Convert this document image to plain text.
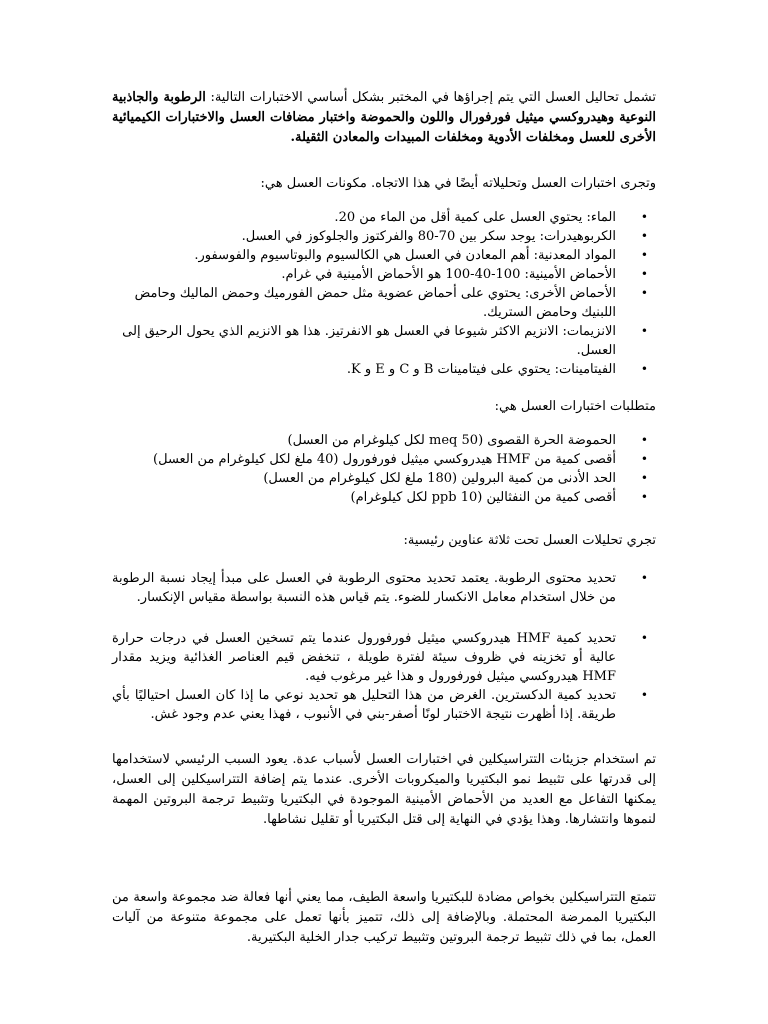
تشمل تحاليل العسل التي يتم إجراؤها في المختبر بشكل أساسي الاختبارات التالية: الرطوبة والجاذبية النوعية وهيدروكسي ميثيل فورفورال واللون والحموضة واختبار مضافات العسل والاختبارات الكيميائية الأخرى للعسل ومخلفات الأدوية ومخلفات المبيدات والمعادن الثقيلة.

وتجرى اختبارات العسل وتحليلاته أيضًا في هذا الاتجاه. مكونات العسل هي:

• الماء: يحتوي العسل على كمية أقل من الماء من 20.
• الكربوهيدرات: يوجد سكر بين 70-80 والفركتوز والجلوكوز في العسل.
• المواد المعدنية: أهم المعادن في العسل هي الكالسيوم والبوتاسيوم والفوسفور.
• الأحماض الأمينية: 100-40-100 هو الأحماض الأمينية في غرام.
• الأحماض الأخرى: يحتوي على أحماض عضوية مثل حمض الفورميك وحمض الماليك وحامض اللبنيك وحامض الستريك.
• الانزيمات: الانزيم الاكثر شيوعا في العسل هو الانفرتيز. هذا هو الانزيم الذي يحول الرحيق إلى العسل.
• الفيتامينات: يحتوي على فيتامينات B و C و E و K.

متطلبات اختبارات العسل هي:

• الحموضة الحرة القصوى (50 meq لكل كيلوغرام من العسل)
• أقصى كمية من HMF هيدروكسي ميثيل فورفورول (40 ملغ لكل كيلوغرام من العسل)
• الحد الأدنى من كمية البرولين (180 ملغ لكل كيلوغرام من العسل)
• أقصى كمية من النفثالين (10 ppb لكل كيلوغرام)

تجري تحليلات العسل تحت ثلاثة عناوين رئيسية:

• تحديد محتوى الرطوبة. يعتمد تحديد محتوى الرطوبة في العسل على مبدأ إيجاد نسبة الرطوبة من خلال استخدام معامل الانكسار للضوء. يتم قياس هذه النسبة بواسطة مقياس الإنكسار.
• تحديد كمية HMF هيدروكسي ميثيل فورفورول عندما يتم تسخين العسل في درجات حرارة عالية أو تخزينه في ظروف سيئة لفترة طويلة ، تنخفض قيم العناصر الغذائية ويزيد مقدار HMF هيدروكسي ميثيل فورفورول و هذا غير مرغوب فيه.
• تحديد كمية الدكسترين. الغرض من هذا التحليل هو تحديد نوعي ما إذا كان العسل احتياليًا بأي طريقة. إذا أظهرت نتيجة الاختبار لونًا أصفر-بني في الأنبوب ، فهذا يعني عدم وجود غش.

تم استخدام جزيئات التتراسيكلين في اختبارات العسل لأسباب عدة. يعود السبب الرئيسي لاستخدامها إلى قدرتها على تثبيط نمو البكتيريا والميكروبات الأخرى. عندما يتم إضافة التتراسيكلين إلى العسل، يمكنها التفاعل مع العديد من الأحماض الأمينية الموجودة في البكتيريا وتثبيط ترجمة البروتين المهمة لنموها وانتشارها. وهذا يؤدي في النهاية إلى قتل البكتيريا أو تقليل نشاطها.

تتمتع التتراسيكلين بخواص مضادة للبكتيريا واسعة الطيف، مما يعني أنها فعالة ضد مجموعة واسعة من البكتيريا الممرضة المحتملة. وبالإضافة إلى ذلك، تتميز بأنها تعمل على مجموعة متنوعة من آليات العمل، بما في ذلك تثبيط ترجمة البروتين وتثبيط تركيب جدار الخلية البكتيرية.
